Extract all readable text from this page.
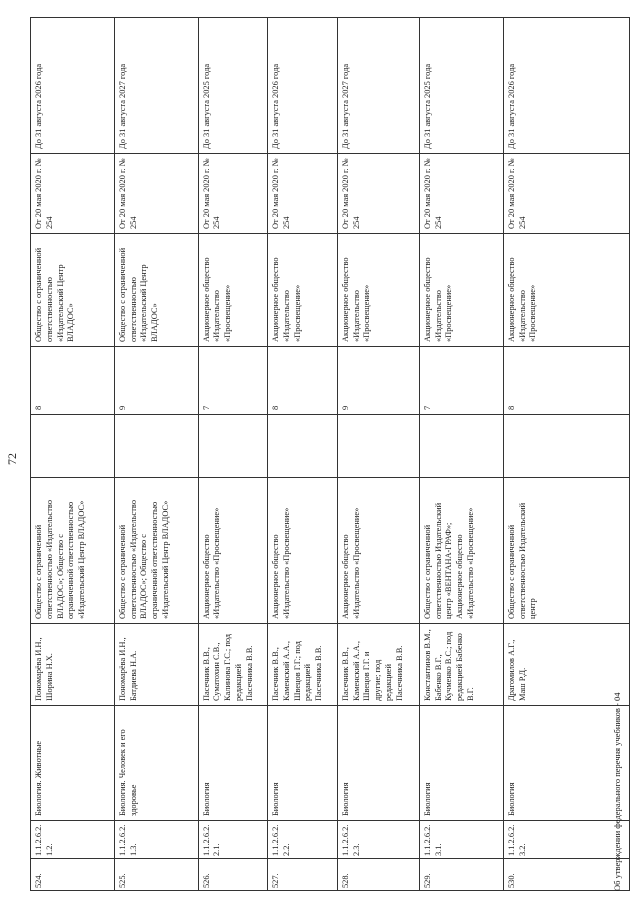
72
524.	1.1.2.6.2.1.2.	Биология. Животные	Пономарёва И.Н., Шорина Н.Х.	Общество с ограниченной ответственностью «Издательство ВЛАДОС»; Общество с ограниченной ответственностью «Издательский Центр ВЛАДОС»		8	Общество с ограниченной ответственностью «Издательский Центр ВЛАДОС»	От 20 мая 2020 г. № 254	До 31 августа 2026 года
525.	1.1.2.6.2.1.3.	Биология. Человек и его здоровье	Пономарёва И.Н., Батдиева Н.А.	Общество с ограниченной ответственностью «Издательство ВЛАДОС»; Общество с ограниченной ответственностью «Издательский Центр ВЛАДОС»		9	Общество с ограниченной ответственностью «Издательский Центр ВЛАДОС»	От 20 мая 2020 г. № 254	До 31 августа 2027 года
526.	1.1.2.6.2.2.1.	Биология	Пасечник В.В., Суматохин С.В., Калинова Г.С.; под редакцией Пасечника В.В.	Акционерное общество «Издательство «Просвещение»		7	Акционерное общество «Издательство «Просвещение»	От 20 мая 2020 г. № 254	До 31 августа 2025 года
527.	1.1.2.6.2.2.2.	Биология	Пасечник В.В., Каменский А.А., Швецов Г.Г.; под редакцией Пасечника В.В.	Акционерное общество «Издательство «Просвещение»		8	Акционерное общество «Издательство «Просвещение»	От 20 мая 2020 г. № 254	До 31 августа 2026 года
528.	1.1.2.6.2.2.3.	Биология	Пасечник В.В., Каменский А.А., Швецов Г.Г. и другие; под редакцией Пасечника В.В.	Акционерное общество «Издательство «Просвещение»		9	Акционерное общество «Издательство «Просвещение»	От 20 мая 2020 г. № 254	До 31 августа 2027 года
529.	1.1.2.6.2.3.1.	Биология	Константинов В.М., Бабенко В.Г., Кучменко В.С.; под редакцией Бабенко В.Г.	Общество с ограниченной ответственностью Издательский центр «ВЕНТАНА-ГРАФ»; Акционерное общество «Издательство «Просвещение»		7	Акционерное общество «Издательство «Просвещение»	От 20 мая 2020 г. № 254	До 31 августа 2025 года
530.	1.1.2.6.2.3.2.	Биология	Драгомилов А.Г., Маш Р.Д.	Общество с ограниченной ответственностью Издательский центр		8	Акционерное общество «Издательство «Просвещение»	От 20 мая 2020 г. № 254	До 31 августа 2026 года
Об утверждении федерального перечня учебников - 04
